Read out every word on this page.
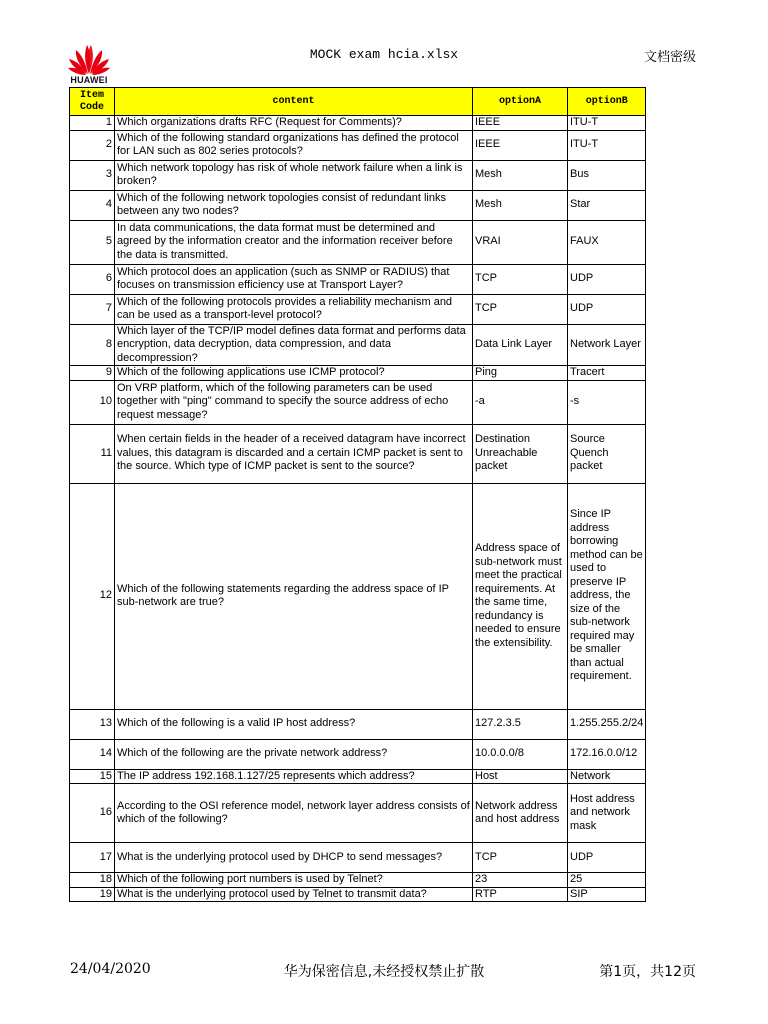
HUAWEI
MOCK exam hcia.xlsx	文档密级
Item Code	content	optionA	optionB
1	Which organizations drafts RFC (Request for Comments)?	IEEE	ITU-T
2	Which of the following standard organizations has defined the protocol for LAN such as 802 series protocols?	IEEE	ITU-T
3	Which network topology has risk of whole network failure when a link is broken?	Mesh	Bus
4	Which of the following network topologies consist of redundant links between any two nodes?	Mesh	Star
5	In data communications, the data format must be determined and agreed by the information creator and the information receiver before the data is transmitted.	VRAI	FAUX
6	Which protocol does an application (such as SNMP or RADIUS) that focuses on transmission efficiency use at Transport Layer?	TCP	UDP
7	Which of the following protocols provides a reliability mechanism and can be used as a transport-level protocol?	TCP	UDP
8	Which layer of the TCP/IP model defines data format and performs data encryption, data decryption, data compression, and data decompression?	Data Link Layer	Network Layer
9	Which of the following applications use ICMP protocol?	Ping	Tracert
10	On VRP platform, which of the following parameters can be used together with "ping" command to specify the source address of echo request message?	-a	-s
11	When certain fields in the header of a received datagram have incorrect values, this datagram is discarded and a certain ICMP packet is sent to the source. Which type of ICMP packet is sent to the source?	Destination Unreachable packet	Source Quench packet
12	Which of the following statements regarding the address space of IP sub-network are true?	Address space of sub-network must meet the practical requirements. At the same time, redundancy is needed to ensure the extensibility.	Since IP address borrowing method can be used to preserve IP address, the size of the sub-network required may be smaller than actual requirement.
13	Which of the following is a valid IP host address?	127.2.3.5	1.255.255.2/24
14	Which of the following are the private network address?	10.0.0.0/8	172.16.0.0/12
15	The IP address 192.168.1.127/25 represents which address?	Host	Network
16	According to the OSI reference model, network layer address consists of which of the following?	Network address and host address	Host address and network mask
17	What is the underlying protocol used by DHCP to send messages?	TCP	UDP
18	Which of the following port numbers is used by Telnet?	23	25
19	What is the underlying protocol used by Telnet to transmit data?	RTP	SIP
24/04/2020	华为保密信息,未经授权禁止扩散	第1页，共12页
